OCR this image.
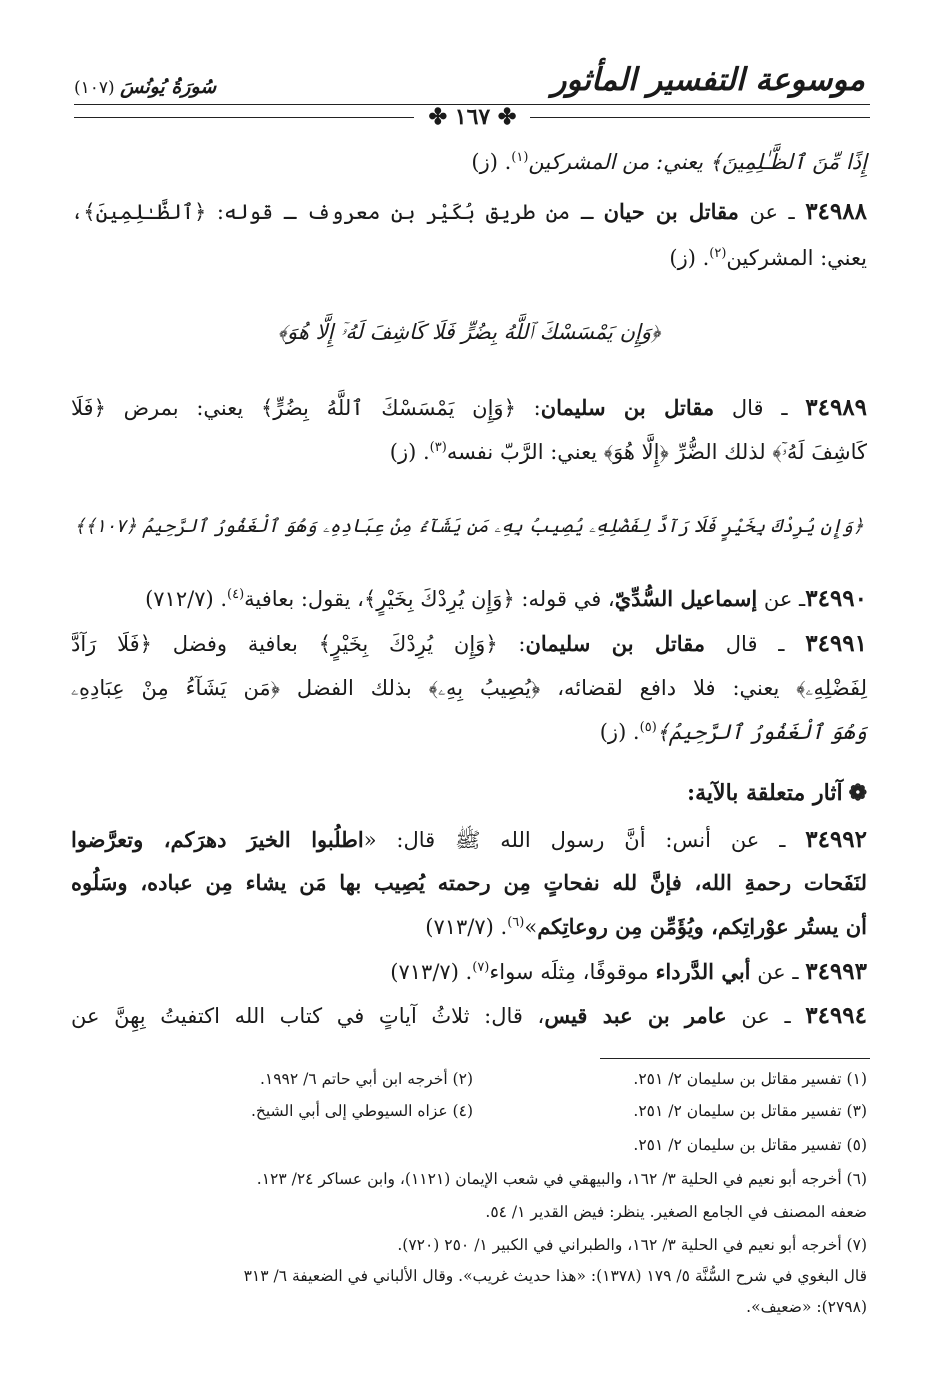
موسوعة التفسير المأثور
سُورَةُ يُونُسَ (١٠٧)
✤ ١٦٧ ✤
إِذًا مِّنَ ٱلظَّـٰلِمِينَ﴾ يعني: من المشركين$^{(١)}$. (ز)
٣٤٩٨٨ ـ عن مقاتل بن حيان ـ من طريق بُكَيْر بن معروف ـ قوله: ﴿ٱلظَّـٰلِمِينَ﴾،
يعني: المشركين$^{(٢)}$. (ز)
﴿وَإِن يَمْسَسْكَ ٱللَّهُ بِضُرٍّ فَلَا كَاشِفَ لَهُۥٓ إِلَّا هُوَ﴾
٣٤٩٨٩ ـ قال مقاتل بن سليمان: ﴿وَإِن يَمْسَسْكَ ٱللَّهُ بِضُرٍّ﴾ يعني: بمرض ﴿فَلَا
كَاشِفَ لَهُۥٓ﴾ لذلك الضُّرِّ ﴿إِلَّا هُوَ﴾ يعني: الرَّبّ نفسه$^{(٣)}$. (ز)
﴿وَإِن يُرِدْكَ بِخَيْرٍ فَلَا رَآدَّ لِفَضْلِهِۦ يُصِيبُ بِهِۦ مَن يَشَآءُ مِنْ عِبَادِهِۦ وَهُوَ ٱلْغَفُورُ ٱلرَّحِيمُ ﴿١٠٧﴾﴾
٣٤٩٩٠ـ عن إسماعيل السُّدِّيّ، في قوله: ﴿وَإِن يُرِدْكَ بِخَيْرٍ﴾، يقول: بعافية$^{(٤)}$. (٧١٢/٧)
٣٤٩٩١ ـ قال مقاتل بن سليمان: ﴿وَإِن يُرِدْكَ بِخَيْرٍ﴾ بعافية وفضل ﴿فَلَا رَآدَّ
لِفَضْلِهِۦ﴾ يعني: فلا دافع لقضائه، ﴿يُصِيبُ بِهِۦ﴾ بذلك الفضل ﴿مَن يَشَآءُ مِنْ عِبَادِهِۦ
وَهُوَ ٱلْغَفُورُ ٱلرَّحِيمُ﴾$^{(٥)}$. (ز)
❁آثار متعلقة بالآية:
٣٤٩٩٢ ـ عن أنس: أنَّ رسول الله ﷺ قال: «اطلُبوا الخيرَ دهرَكم، وتعرَّضوا
لنَفَحات رحمةِ الله، فإنَّ لله نفحاتٍ مِن رحمته يُصِيب بها مَن يشاء مِن عباده، وسَلُوه
أن يستُر عوْراتِكم، ويُؤَمِّن مِن روعاتِكم»$^{(٦)}$. (٧١٣/٧)
٣٤٩٩٣ ـ عن أبي الدَّرداء موقوفًا، مِثلَه سواء$^{(٧)}$. (٧١٣/٧)
٣٤٩٩٤ ـ عن عامر بن عبد قيس، قال: ثلاثُ آياتٍ في كتاب الله اكتفيتُ بِهِنَّ عن
(١) تفسير مقاتل بن سليمان ٢/ ٢٥١.
(٢) أخرجه ابن أبي حاتم ٦/ ١٩٩٢.
(٣) تفسير مقاتل بن سليمان ٢/ ٢٥١.
(٤) عزاه السيوطي إلى أبي الشيخ.
(٥) تفسير مقاتل بن سليمان ٢/ ٢٥١.
(٦) أخرجه أبو نعيم في الحلية ٣/ ١٦٢، والبيهقي في شعب الإيمان (١١٢١)، وابن عساكر ٢٤/ ١٢٣.
ضعفه المصنف في الجامع الصغير. ينظر: فيض القدير ١/ ٥٤.
(٧) أخرجه أبو نعيم في الحلية ٣/ ١٦٢، والطبراني في الكبير ١/ ٢٥٠ (٧٢٠).
قال البغوي في شرح السُّنَّة ٥/ ١٧٩ (١٣٧٨): «هذا حديث غريب». وقال الألباني في الضعيفة ٦/ ٣١٣
(٢٧٩٨): «ضعيف».
